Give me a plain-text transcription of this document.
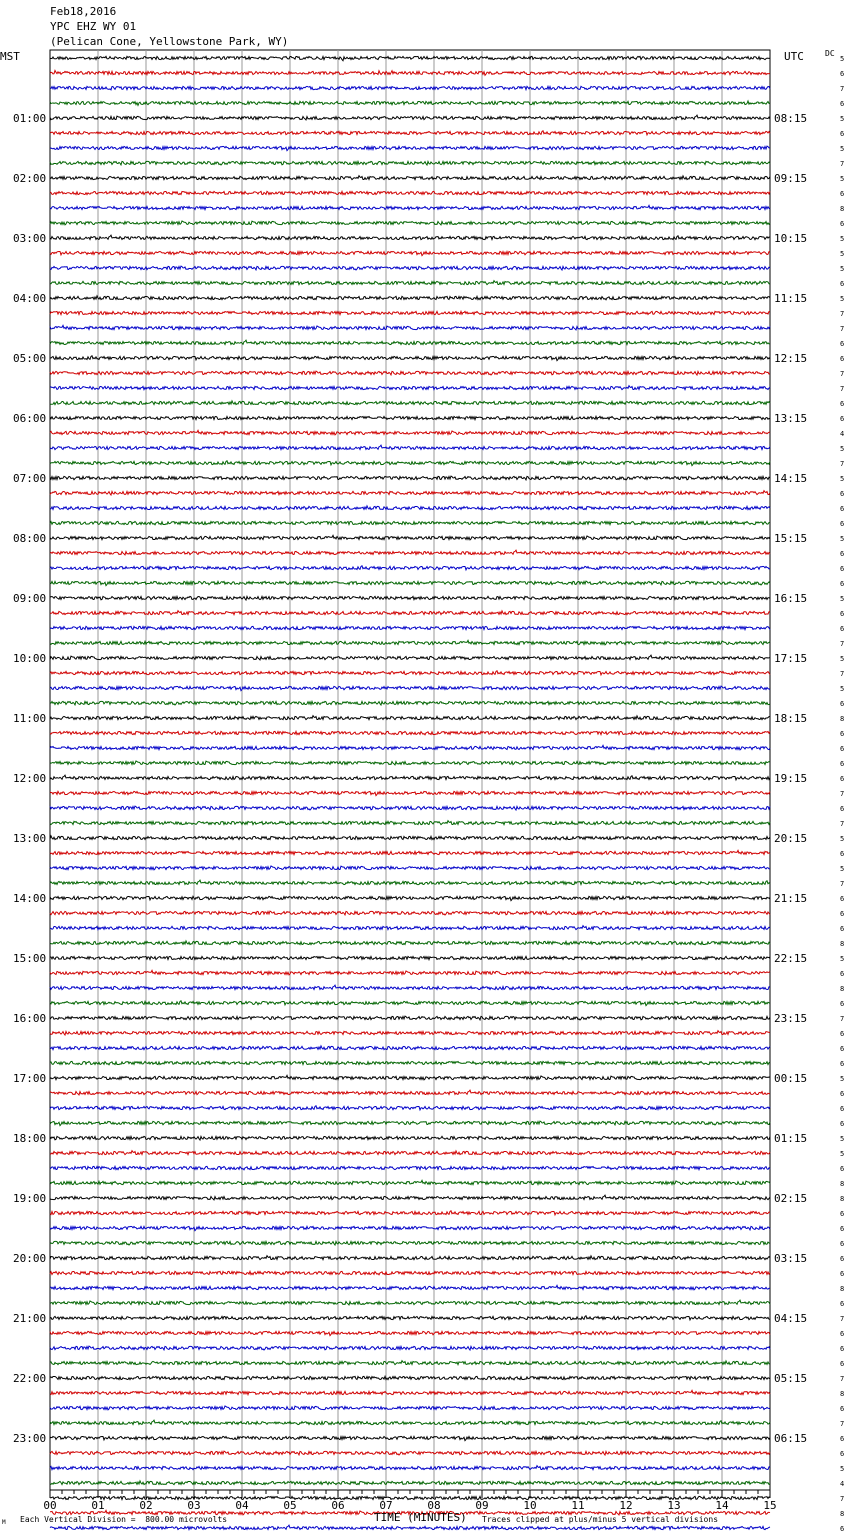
Feb18,2016
YPC EHZ WY 01
(Pelican Cone, Yellowstone Park, WY)
MST	UTC	DC
5
6
7
6
5
6
5
7
5
6
8
6
5
5
5
6
5
7
7
6
6
7
7
6
6
4
5
7
5
6
6
6
5
6
6
6
5
6
6
7
5
7
5
6
8
6
6
6
6
7
6
7
5
6
5
7
6
6
6
8
5
6
8
6
7
6
6
6
5
6
6
6
5
5
6
8
8
6
6
6
6
6
8
6
7
6
6
6
7
8
6
7
6
6
5
4
7
8
6
01:00
02:00
03:00
04:00
05:00
06:00
07:00
08:00
09:00
10:00
11:00
12:00
13:00
14:00
15:00
16:00
17:00
18:00
19:00
20:00
21:00
22:00
23:00
08:15
09:15
10:15
11:15
12:15
13:15
14:15
15:15
16:15
17:15
18:15
19:15
20:15
21:15
22:15
23:15
00:15
01:15
02:15
03:15
04:15
05:15
06:15
00	01	02	03	04	05	06	07	08	09	10	11	12	13	14	15
M Each Vertical Division =  800.00 microvolts	TIME (MINUTES) Traces clipped at plus/minus 5 vertical divisions
